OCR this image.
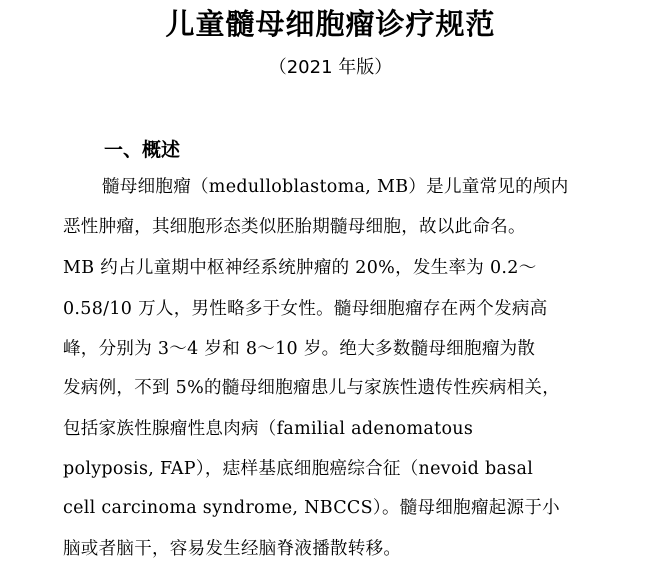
儿童髓母细胞瘤诊疗规范
（2021 年版）
一、概述
髓母细胞瘤（medulloblastoma, MB）是儿童常见的颅内
恶性肿瘤，其细胞形态类似胚胎期髓母细胞，故以此命名。
MB 约占儿童期中枢神经系统肿瘤的 20%，发生率为 0.2～
0.58/10 万人，男性略多于女性。髓母细胞瘤存在两个发病高
峰，分别为 3～4 岁和 8～10 岁。绝大多数髓母细胞瘤为散
发病例，不到 5%的髓母细胞瘤患儿与家族性遗传性疾病相关，
包括家族性腺瘤性息肉病（familial adenomatous
polyposis, FAP），痣样基底细胞癌综合征（nevoid basal
cell carcinoma syndrome, NBCCS）。髓母细胞瘤起源于小
脑或者脑干，容易发生经脑脊液播散转移。
